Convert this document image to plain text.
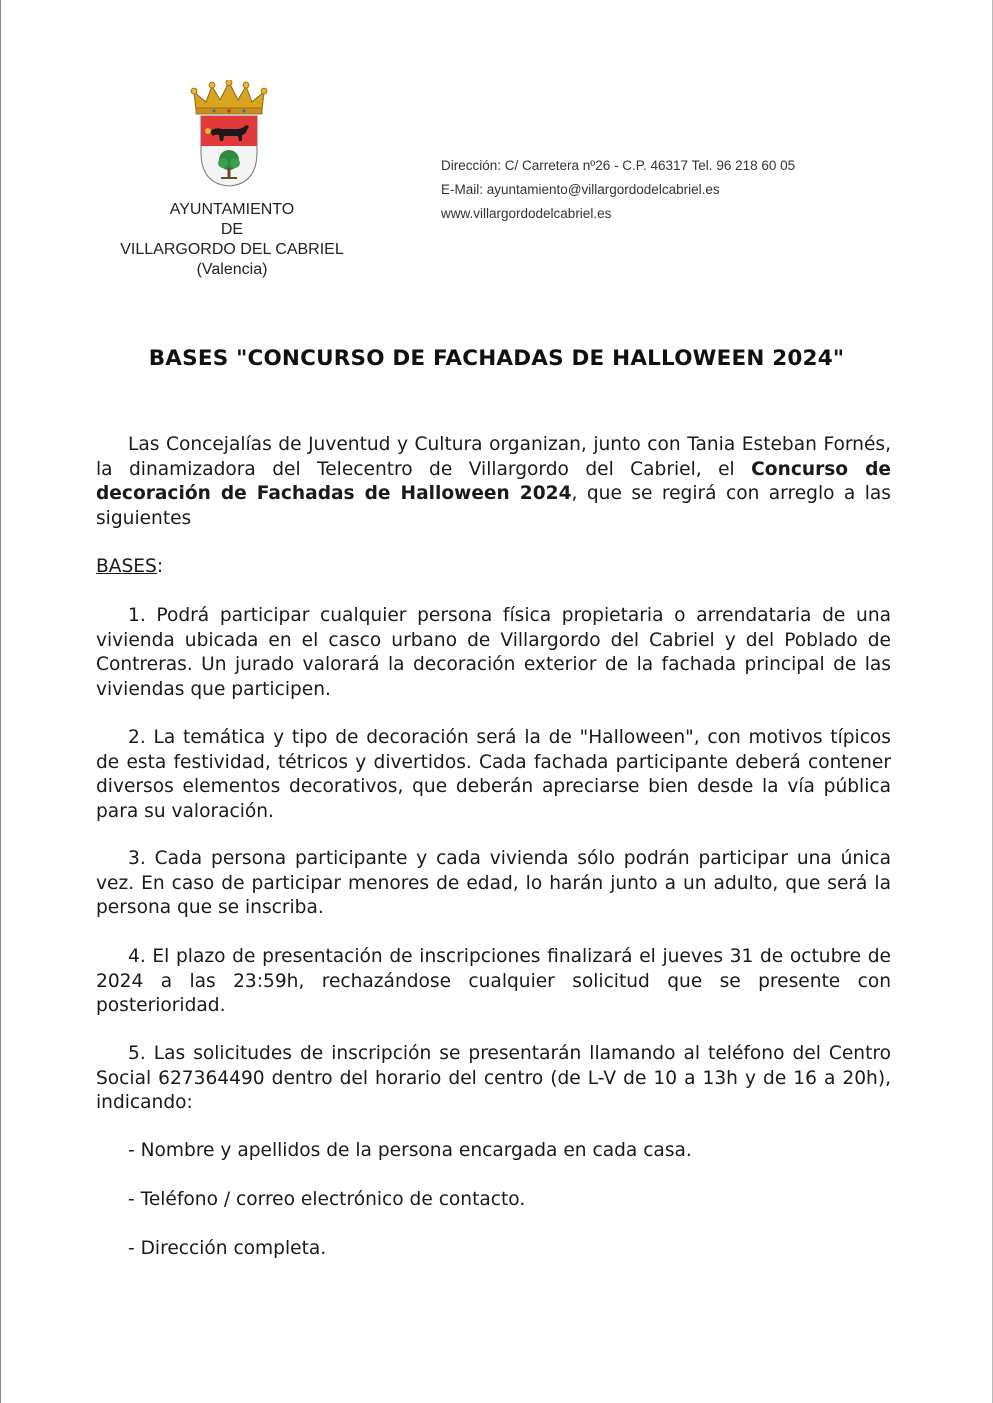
AYUNTAMIENTO
DE
VILLARGORDO DEL CABRIEL
(Valencia)
Dirección: C/ Carretera nº26 - C.P. 46317 Tel. 96 218 60 05
E-Mail: ayuntamiento@villargordodelcabriel.es
www.villargordodelcabriel.es
BASES "CONCURSO DE FACHADAS DE HALLOWEEN 2024"
Las Concejalías de Juventud y Cultura organizan, junto con Tania Esteban Fornés, la dinamizadora del Telecentro de Villargordo del Cabriel, el Concurso de decoración de Fachadas de Halloween 2024, que se regirá con arreglo a las siguientes
BASES:
1. Podrá participar cualquier persona física propietaria o arrendataria de una vivienda ubicada en el casco urbano de Villargordo del Cabriel y del Poblado de Contreras. Un jurado valorará la decoración exterior de la fachada principal de las viviendas que participen.
2. La temática y tipo de decoración será la de "Halloween", con motivos típicos de esta festividad, tétricos y divertidos. Cada fachada participante deberá contener diversos elementos decorativos, que deberán apreciarse bien desde la vía pública para su valoración.
3. Cada persona participante y cada vivienda sólo podrán participar una única vez. En caso de participar menores de edad, lo harán junto a un adulto, que será la persona que se inscriba.
4. El plazo de presentación de inscripciones finalizará el jueves 31 de octubre de 2024 a las 23:59h, rechazándose cualquier solicitud que se presente con posterioridad.
5. Las solicitudes de inscripción se presentarán llamando al teléfono del Centro Social 627364490 dentro del horario del centro (de L-V de 10 a 13h y de 16 a 20h), indicando:
- Nombre y apellidos de la persona encargada en cada casa.
- Teléfono / correo electrónico de contacto.
- Dirección completa.
